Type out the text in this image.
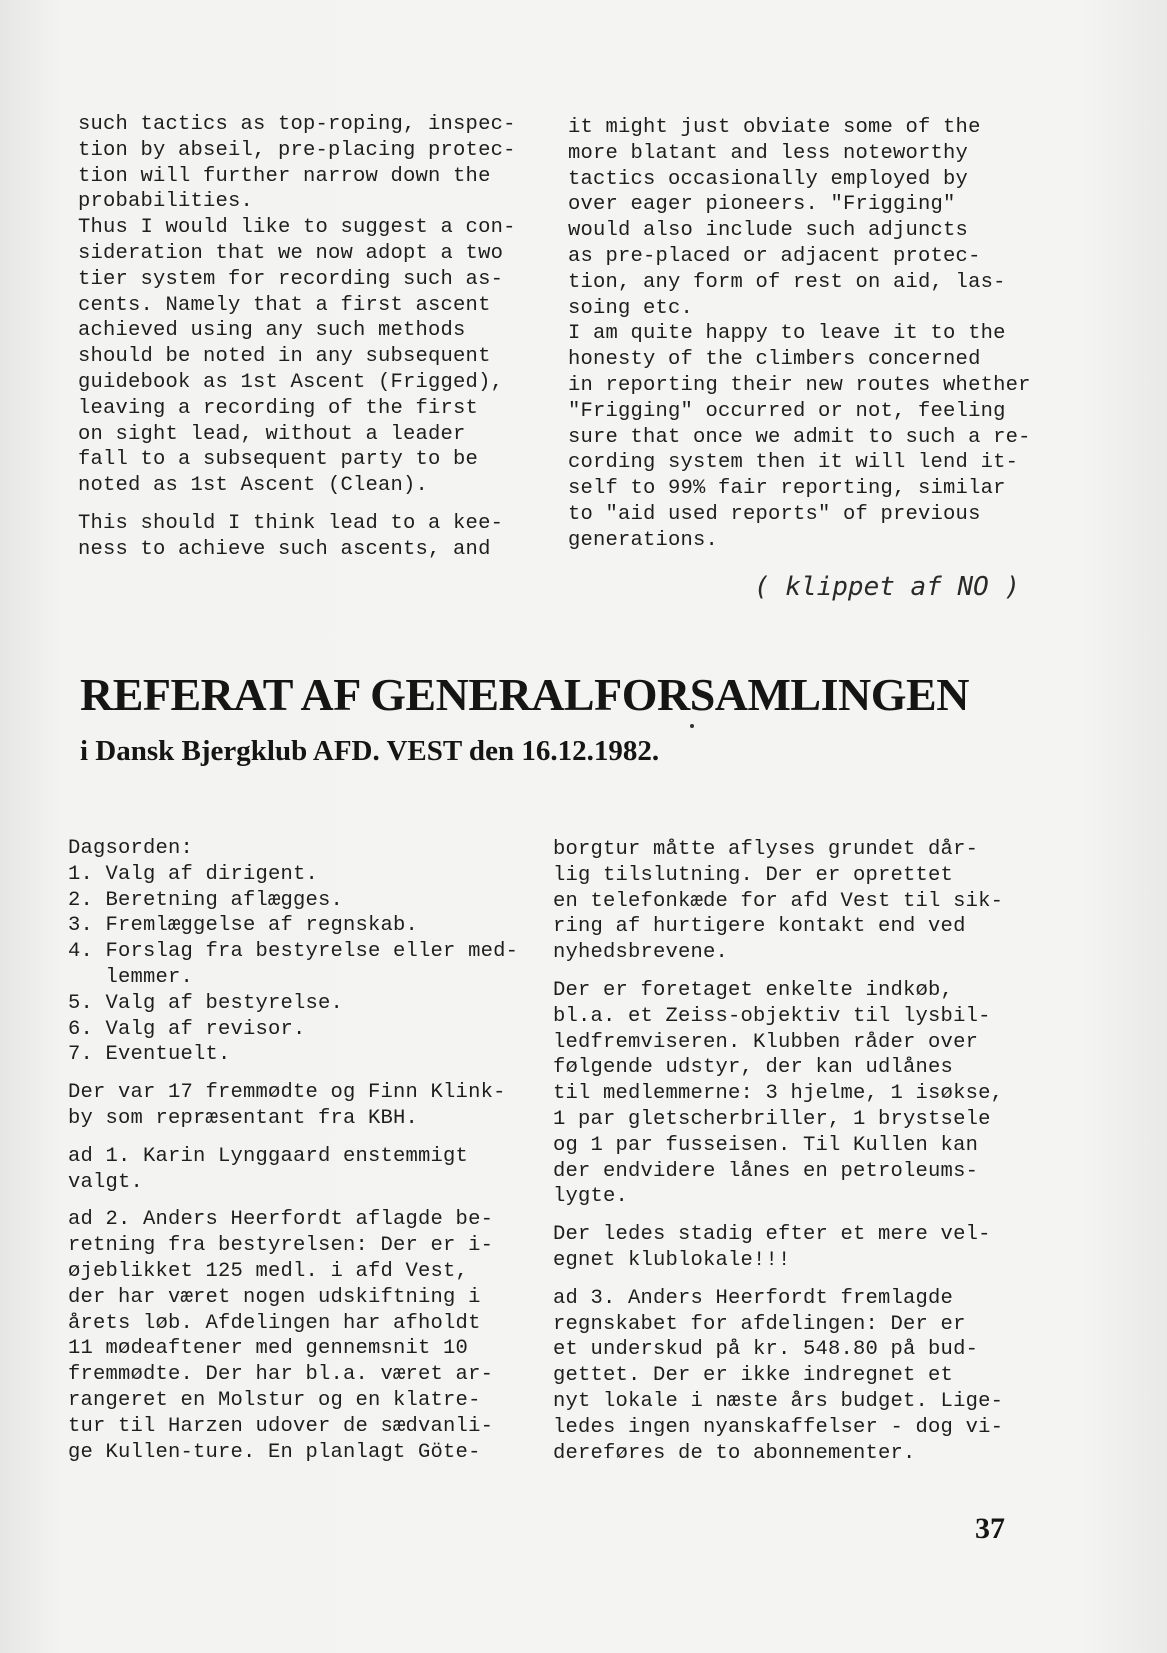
such tactics as top-roping, inspec-

tion by abseil, pre-placing protec-

tion will further narrow down the

probabilities.

Thus I would like to suggest a con-

sideration that we now adopt a two

tier system for recording such as-

cents. Namely that a first ascent

achieved using any such methods

should be noted in any subsequent

guidebook as 1st Ascent (Frigged),

leaving a recording of the first

on sight lead, without a leader

fall to a subsequent party to be

noted as 1st Ascent (Clean).

This should I think lead to a kee-

ness to achieve such ascents, and

it might just obviate some of the

more blatant and less noteworthy

tactics occasionally employed by

over eager pioneers. "Frigging"

would also include such adjuncts

as pre-placed or adjacent protec-

tion, any form of rest on aid, las-

soing etc.

I am quite happy to leave it to the

honesty of the climbers concerned

in reporting their new routes whether

"Frigging" occurred or not, feeling

sure that once we admit to such a re-

cording system then it will lend it-

self to 99% fair reporting, similar

to "aid used reports" of previous

generations.

( klippet af NO )
REFERAT AF GENERALFORSAMLINGEN
i Dansk Bjergklub AFD. VEST den 16.12.1982.

Dagsorden:

1. Valg af dirigent.

2. Beretning aflægges.

3. Fremlæggelse af regnskab.

4. Forslag fra bestyrelse eller med-

lemmer.

5. Valg af bestyrelse.

6. Valg af revisor.

7. Eventuelt.

Der var 17 fremmødte og Finn Klink-

by som repræsentant fra KBH.

ad 1. Karin Lynggaard enstemmigt

valgt.

ad 2. Anders Heerfordt aflagde be-

retning fra bestyrelsen: Der er i-

øjeblikket 125 medl. i afd Vest,

der har været nogen udskiftning i

årets løb. Afdelingen har afholdt

11 mødeaftener med gennemsnit 10

fremmødte. Der har bl.a. været ar-

rangeret en Molstur og en klatre-

tur til Harzen udover de sædvanli-

ge Kullen-ture. En planlagt Göte-

borgtur måtte aflyses grundet dår-

lig tilslutning. Der er oprettet

en telefonkæde for afd Vest til sik-

ring af hurtigere kontakt end ved

nyhedsbrevene.

Der er foretaget enkelte indkøb,

bl.a. et Zeiss-objektiv til lysbil-

ledfremviseren. Klubben råder over

følgende udstyr, der kan udlånes

til medlemmerne: 3 hjelme, 1 isøkse,

1 par gletscherbriller, 1 brystsele

og 1 par fusseisen. Til Kullen kan

der endvidere lånes en petroleums-

lygte.

Der ledes stadig efter et mere vel-

egnet klublokale!!!

ad 3. Anders Heerfordt fremlagde

regnskabet for afdelingen: Der er

et underskud på kr. 548.80 på bud-

gettet. Der er ikke indregnet et

nyt lokale i næste års budget. Lige-

ledes ingen nyanskaffelser - dog vi-

dereføres de to abonnementer.

37
